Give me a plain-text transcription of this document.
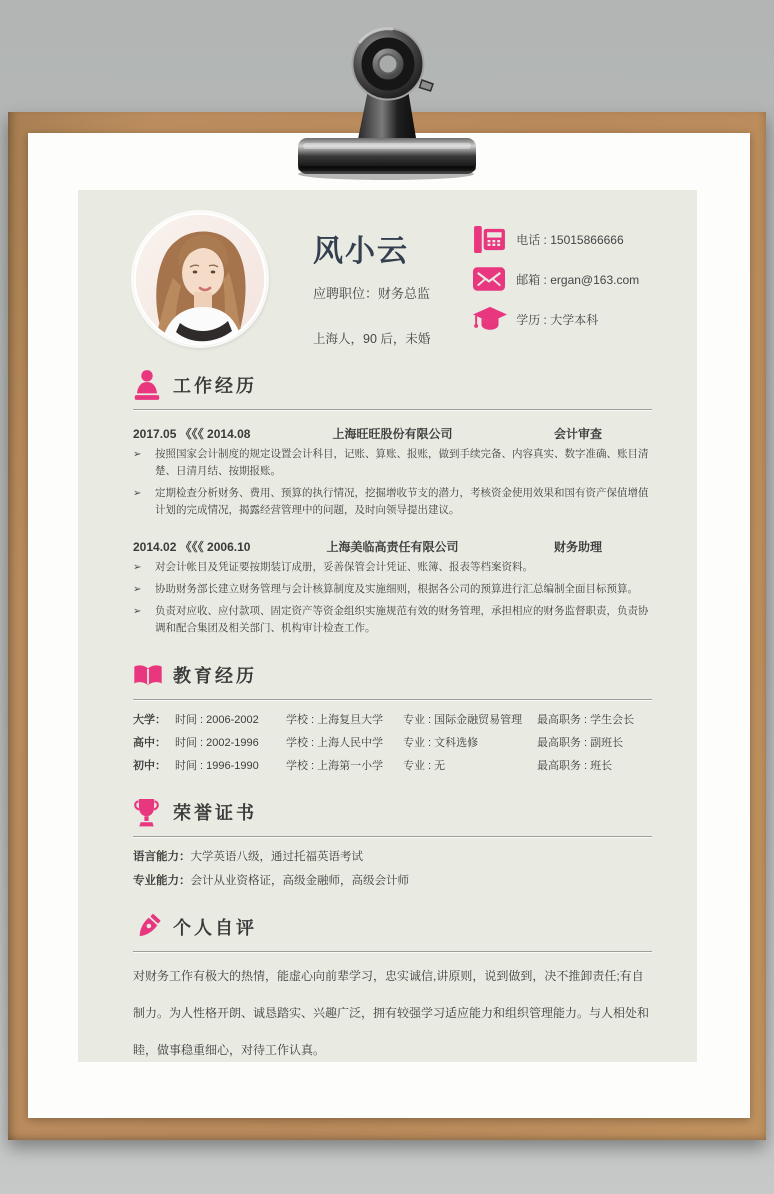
风小云
应聘职位：财务总监
上海人，90 后，未婚
电话 : 15015866666
邮箱 : ergan@163.com
学历 : 大学本科
工作经历
2017.05 《《《 2014.08	上海旺旺股份有限公司	会计审查
➢	按照国家会计制度的规定设置会计科目，记账、算账、报账，做到手续完备、内容真实、数字准确、账目清楚、日清月结、按期报账。
➢	定期检查分析财务、费用、预算的执行情况，挖掘增收节支的潜力，考核资金使用效果和国有资产保值增值计划的完成情况，揭露经营管理中的问题，及时向领导提出建议。
2014.02 《《《 2006.10	上海美临高责任有限公司	财务助理
➢	对会计帐目及凭证要按期装订成册，妥善保管会计凭证、账簿、报表等档案资料。
➢	协助财务部长建立财务管理与会计核算制度及实施细则，根据各公司的预算进行汇总编制全面目标预算。
➢	负责对应收、应付款项、固定资产等资金组织实施规范有效的财务管理，承担相应的财务监督职责，负责协调和配合集团及相关部门、机构审计检查工作。
教育经历
大学： 时间 : 2006-2002	学校 : 上海复旦大学	专业 : 国际金融贸易管理	最高职务 : 学生会长
高中： 时间 : 2002-1996	学校 : 上海人民中学	专业 : 文科选修	最高职务 : 副班长
初中： 时间 : 1996-1990	学校 : 上海第一小学	专业 : 无	最高职务 : 班长
荣誉证书
语言能力：大学英语八级，通过托福英语考试
专业能力：会计从业资格证，高级金融师，高级会计师
个人自评

对财务工作有极大的热情，能虚心向前辈学习，忠实诚信,讲原则，说到做到，决不推卸责任;有自制力。为人性格开朗、诚恳踏实、兴趣广泛，拥有较强学习适应能力和组织管理能力。与人相处和睦，做事稳重细心，对待工作认真。
